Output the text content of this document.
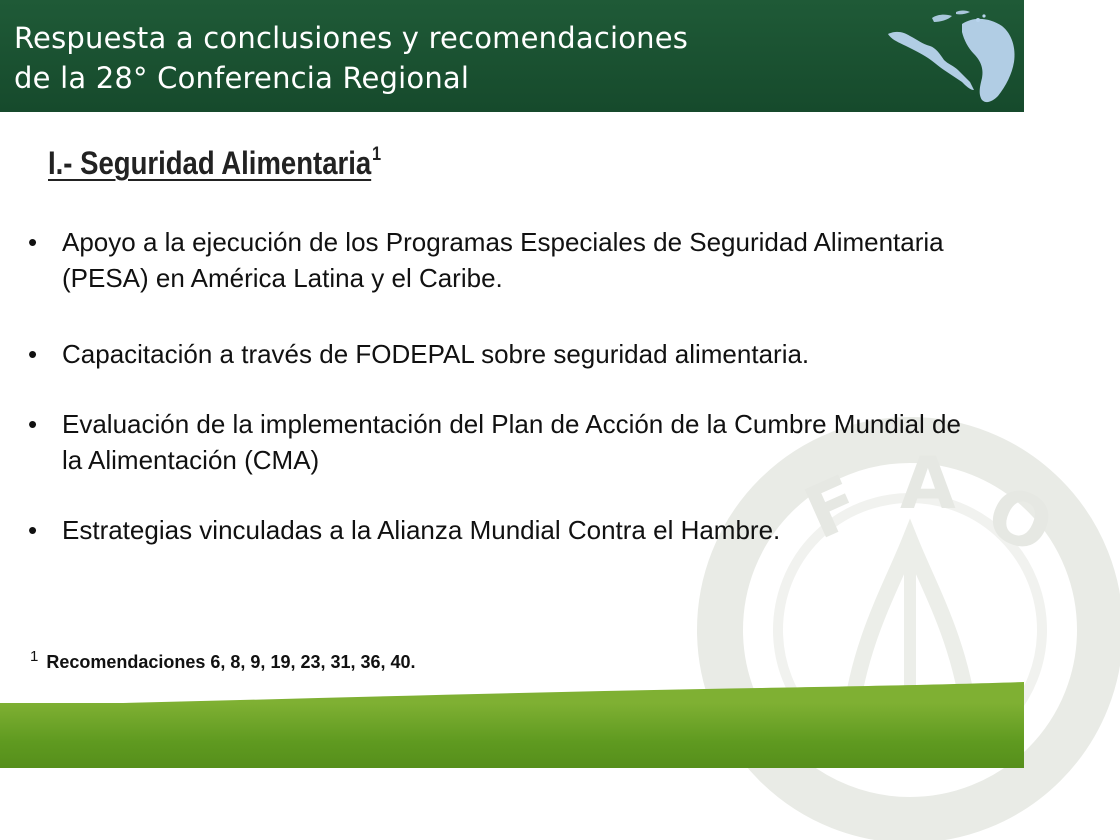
Respuesta a conclusiones y recomendaciones
de la 28° Conferencia Regional
F A O
I.- Seguridad Alimentaria$^1$
• Apoyo a la ejecución de los Programas Especiales de Seguridad Alimentaria (PESA) en América Latina y el Caribe.
• Capacitación a través de FODEPAL sobre seguridad alimentaria.
• Evaluación de la implementación del Plan de Acción de la Cumbre Mundial de la Alimentación (CMA)
• Estrategias vinculadas a la Alianza Mundial Contra el Hambre.
$^1$ Recomendaciones 6, 8, 9, 19, 23, 31, 36, 40.
